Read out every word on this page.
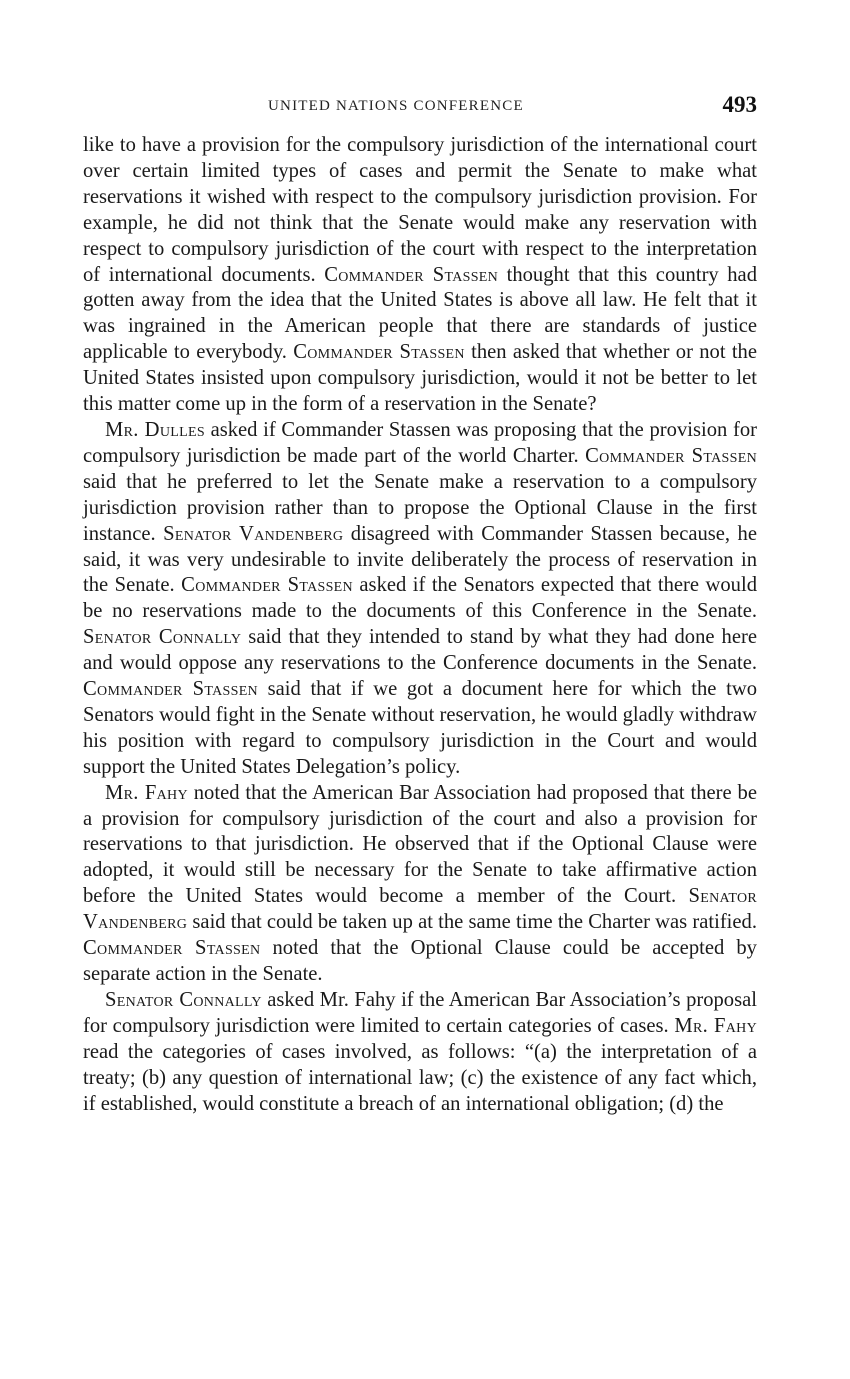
UNITED NATIONS CONFERENCE	493

like to have a provision for the compulsory jurisdiction of the international court over certain limited types of cases and permit the Senate to make what reservations it wished with respect to the compulsory jurisdiction provision. For example, he did not think that the Senate would make any reservation with respect to compulsory jurisdiction of the court with respect to the interpretation of international documents. Commander Stassen thought that this country had gotten away from the idea that the United States is above all law. He felt that it was ingrained in the American people that there are standards of justice applicable to everybody. Commander Stassen then asked that whether or not the United States insisted upon compulsory jurisdiction, would it not be better to let this matter come up in the form of a reservation in the Senate?

Mr. Dulles asked if Commander Stassen was proposing that the provision for compulsory jurisdiction be made part of the world Charter. Commander Stassen said that he preferred to let the Senate make a reservation to a compulsory jurisdiction provision rather than to propose the Optional Clause in the first instance. Senator Vandenberg disagreed with Commander Stassen because, he said, it was very undesirable to invite deliberately the process of reservation in the Senate. Commander Stassen asked if the Senators expected that there would be no reservations made to the documents of this Conference in the Senate. Senator Connally said that they intended to stand by what they had done here and would oppose any reservations to the Conference documents in the Senate. Commander Stassen said that if we got a document here for which the two Senators would fight in the Senate without reservation, he would gladly withdraw his position with regard to compulsory jurisdiction in the Court and would support the United States Delegation’s policy.

Mr. Fahy noted that the American Bar Association had proposed that there be a provision for compulsory jurisdiction of the court and also a provision for reservations to that jurisdiction. He observed that if the Optional Clause were adopted, it would still be necessary for the Senate to take affirmative action before the United States would become a member of the Court. Senator Vandenberg said that could be taken up at the same time the Charter was ratified. Commander Stassen noted that the Optional Clause could be accepted by separate action in the Senate.

Senator Connally asked Mr. Fahy if the American Bar Association’s proposal for compulsory jurisdiction were limited to certain categories of cases. Mr. Fahy read the categories of cases involved, as follows: “(a) the interpretation of a treaty; (b) any question of international law; (c) the existence of any fact which, if established, would constitute a breach of an international obligation; (d) the
